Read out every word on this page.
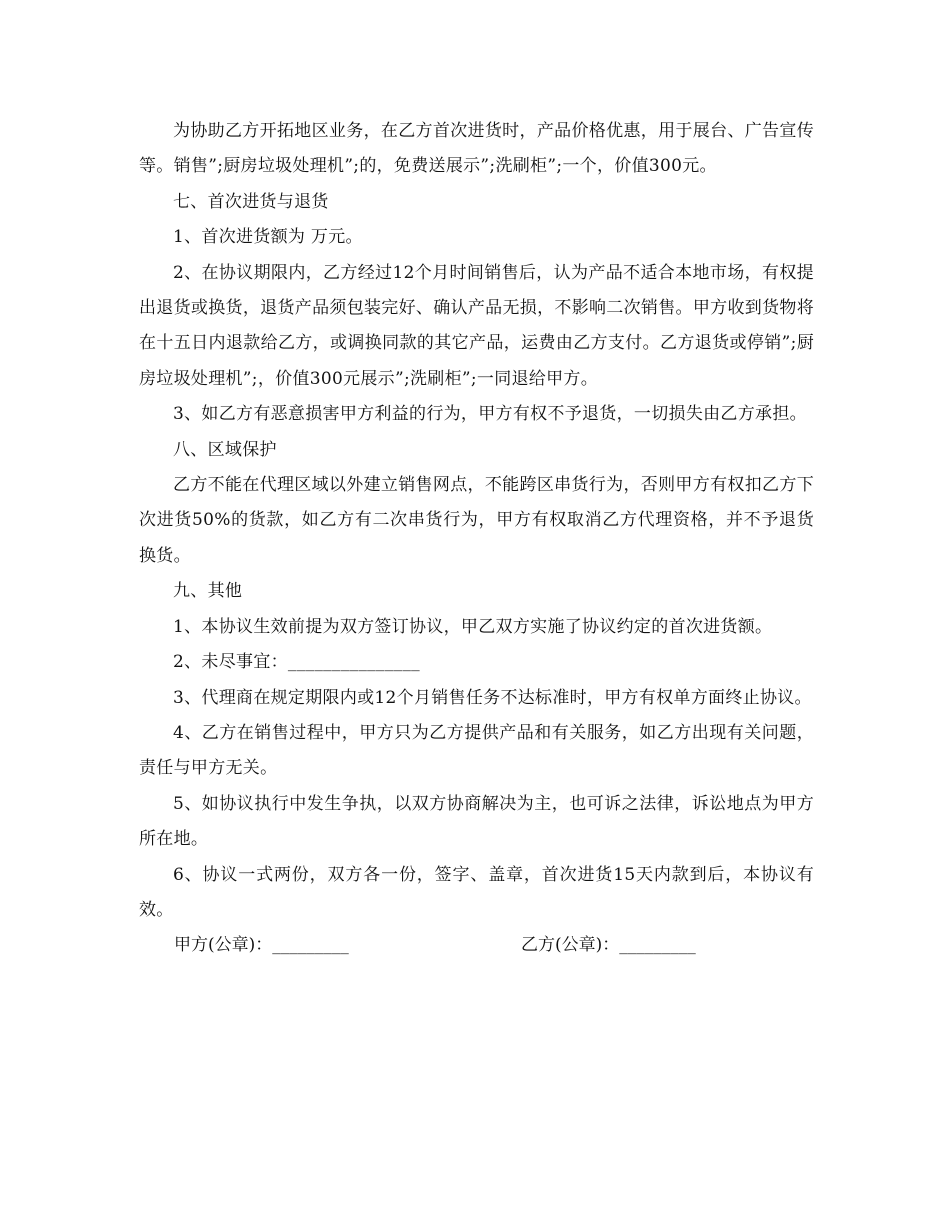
为协助乙方开拓地区业务，在乙方首次进货时，产品价格优惠，用于展台、广告宣传等。销售”;厨房垃圾处理机”;的，免费送展示”;洗刷柜”;一个，价值300元。

七、首次进货与退货

1、首次进货额为 万元。

2、在协议期限内，乙方经过12个月时间销售后，认为产品不适合本地市场，有权提出退货或换货，退货产品须包装完好、确认产品无损，不影响二次销售。甲方收到货物将在十五日内退款给乙方，或调换同款的其它产品，运费由乙方支付。乙方退货或停销”;厨房垃圾处理机”;，价值300元展示”;洗刷柜”;一同退给甲方。

3、如乙方有恶意损害甲方利益的行为，甲方有权不予退货，一切损失由乙方承担。

八、区域保护

乙方不能在代理区域以外建立销售网点，不能跨区串货行为，否则甲方有权扣乙方下次进货50%的货款，如乙方有二次串货行为，甲方有权取消乙方代理资格，并不予退货换货。

九、其他

1、本协议生效前提为双方签订协议，甲乙双方实施了协议约定的首次进货额。

2、未尽事宜：_______________

3、代理商在规定期限内或12个月销售任务不达标准时，甲方有权单方面终止协议。

4、乙方在销售过程中，甲方只为乙方提供产品和有关服务，如乙方出现有关问题，责任与甲方无关。

5、如协议执行中发生争执，以双方协商解决为主，也可诉之法律，诉讼地点为甲方所在地。

6、协议一式两份，双方各一份，签字、盖章，首次进货15天内款到后，本协议有效。

甲方(公章)：_________	乙方(公章)：_________
